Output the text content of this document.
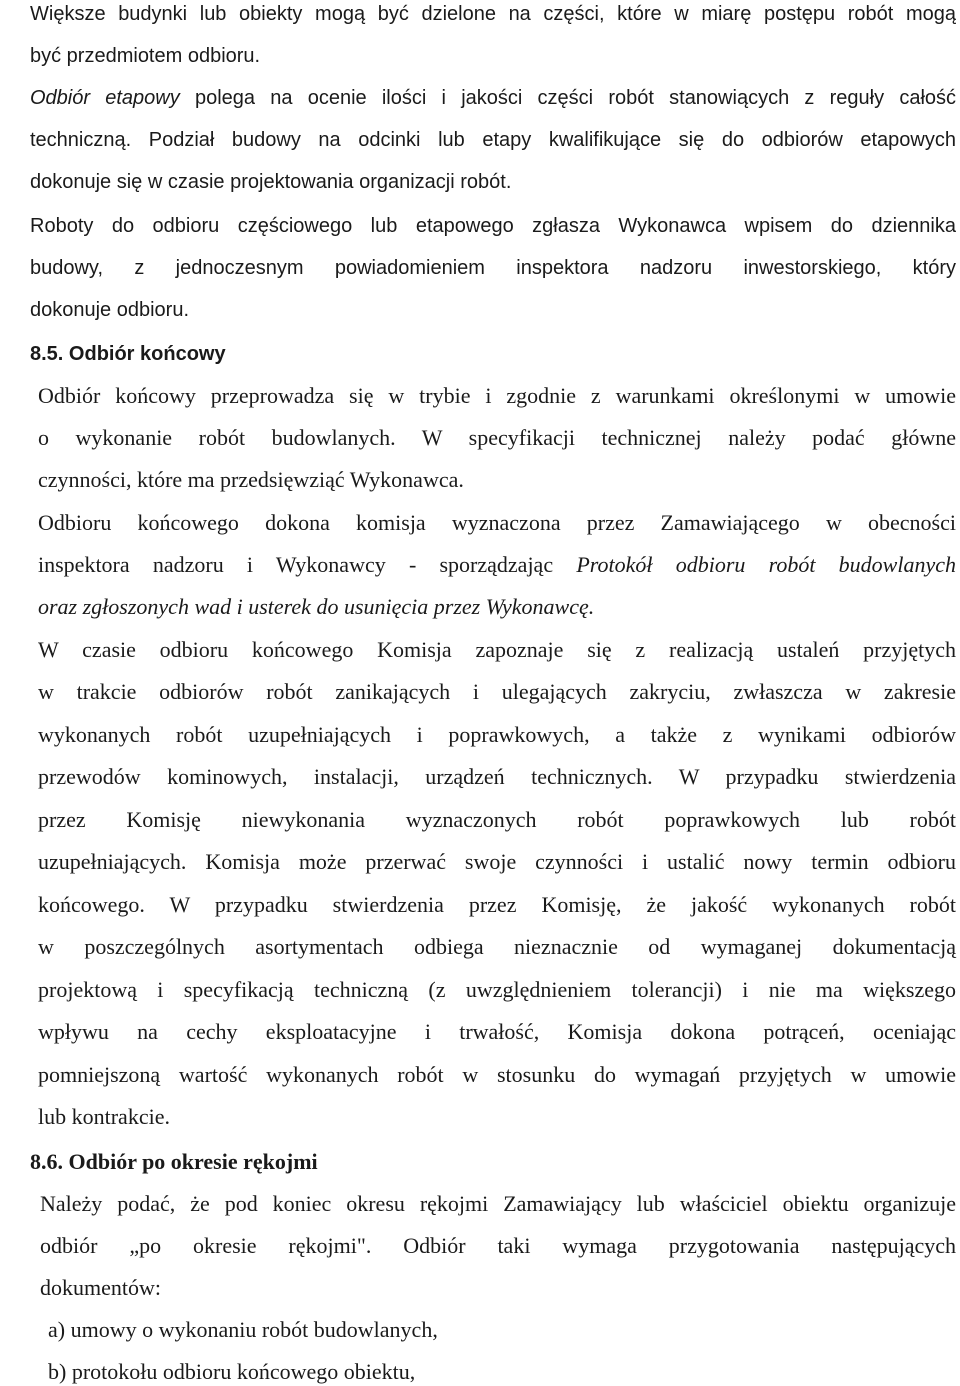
Większe budynki lub obiekty mogą być dzielone na części, które w miarę postępu robót mogą
być przedmiotem odbioru.
Odbiór etapowy polega na ocenie ilości i jakości części robót stanowiących z reguły całość
techniczną. Podział budowy na odcinki lub etapy kwalifikujące się do odbiorów etapowych
dokonuje się w czasie projektowania organizacji robót.
Roboty do odbioru częściowego lub etapowego zgłasza Wykonawca wpisem do dziennika
budowy, z jednoczesnym powiadomieniem inspektora nadzoru inwestorskiego, który
dokonuje odbioru.
8.5. Odbiór końcowy
Odbiór końcowy przeprowadza się w trybie i zgodnie z warunkami określonymi w umowie
o wykonanie robót budowlanych. W specyfikacji technicznej należy podać główne
czynności, które ma przedsięwziąć Wykonawca.
Odbioru końcowego dokona komisja wyznaczona przez Zamawiającego w obecności
inspektora nadzoru i Wykonawcy - sporządzając Protokół odbioru robót budowlanych
oraz zgłoszonych wad i usterek do usunięcia przez Wykonawcę.
W czasie odbioru końcowego Komisja zapoznaje się z realizacją ustaleń przyjętych
w trakcie odbiorów robót zanikających i ulegających zakryciu, zwłaszcza w zakresie
wykonanych robót uzupełniających i poprawkowych, a także z wynikami odbiorów
przewodów kominowych, instalacji, urządzeń technicznych. W przypadku stwierdzenia
przez Komisję niewykonania wyznaczonych robót poprawkowych lub robót
uzupełniających. Komisja może przerwać swoje czynności i ustalić nowy termin odbioru
końcowego. W przypadku stwierdzenia przez Komisję, że jakość wykonanych robót
w poszczególnych asortymentach odbiega nieznacznie od wymaganej dokumentacją
projektową i specyfikacją techniczną (z uwzględnieniem tolerancji) i nie ma większego
wpływu na cechy eksploatacyjne i trwałość, Komisja dokona potrąceń, oceniając
pomniejszoną wartość wykonanych robót w stosunku do wymagań przyjętych w umowie
lub kontrakcie.
8.6. Odbiór po okresie rękojmi
Należy podać, że pod koniec okresu rękojmi Zamawiający lub właściciel obiektu organizuje
odbiór „po okresie rękojmi". Odbiór taki wymaga przygotowania następujących
dokumentów:
a) umowy o wykonaniu robót budowlanych,
b) protokołu odbioru końcowego obiektu,
